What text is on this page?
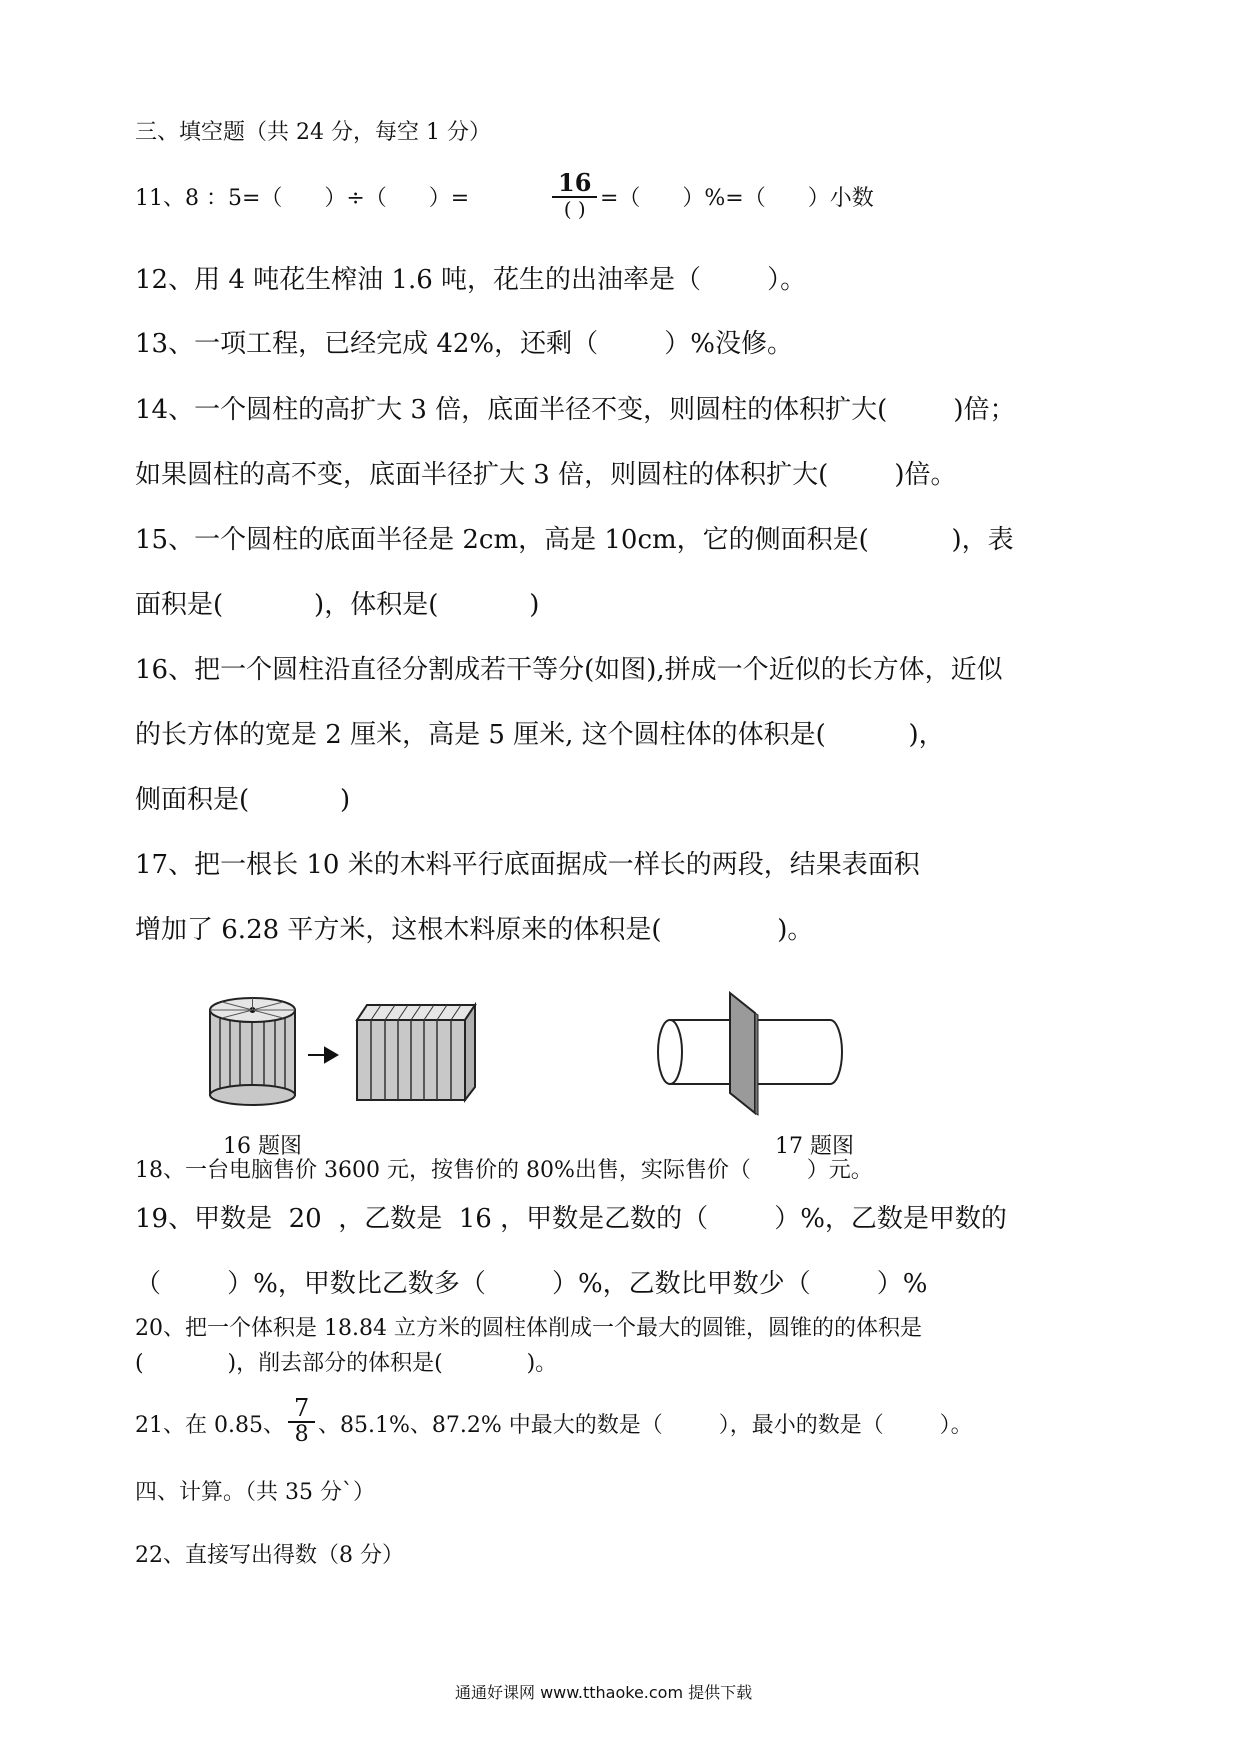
三、填空题（共 24 分，每空 1 分）
11、8 ：5=（      ）÷（      ）=
16
( ) =（      ）%=（      ）小数
12、用 4 吨花生榨油 1.6 吨，花生的出油率是（        ）。
13、一项工程，已经完成 42%，还剩（        ）%没修。
14、一个圆柱的高扩大 3 倍，底面半径不变，则圆柱的体积扩大(        )倍；
如果圆柱的高不变，底面半径扩大 3 倍，则圆柱的体积扩大(        )倍。
15、一个圆柱的底面半径是 2cm，高是 10cm，它的侧面积是(          )，表
面积是(           )，体积是(           )
16、把一个圆柱沿直径分割成若干等分(如图),拼成一个近似的长方体，近似
的长方体的宽是 2 厘米，高是 5 厘米, 这个圆柱体的体积是(          )，
侧面积是(           )
17、把一根长 10 米的木料平行底面据成一样长的两段，结果表面积
增加了 6.28 平方米，这根木料原来的体积是(              )。
16 题图	17 题图
18、一台电脑售价 3600 元，按售价的 80%出售，实际售价（        ）元。
19、甲数是  20  ，乙数是  16 ，甲数是乙数的（        ）%，乙数是甲数的
（        ）%，甲数比乙数多（        ）%，乙数比甲数少（        ）%
20、把一个体积是 18.84 立方米的圆柱体削成一个最大的圆锥，圆锥的的体积是
(            )，削去部分的体积是(            )。
21、在 0.85、 $\frac{7}{8}$ 、85.1%、87.2% 中最大的数是（        ），最小的数是（        ）。
四、计算。（共 35 分`）
22、直接写出得数（8 分）
通通好课网 www.tthaoke.com 提供下载
